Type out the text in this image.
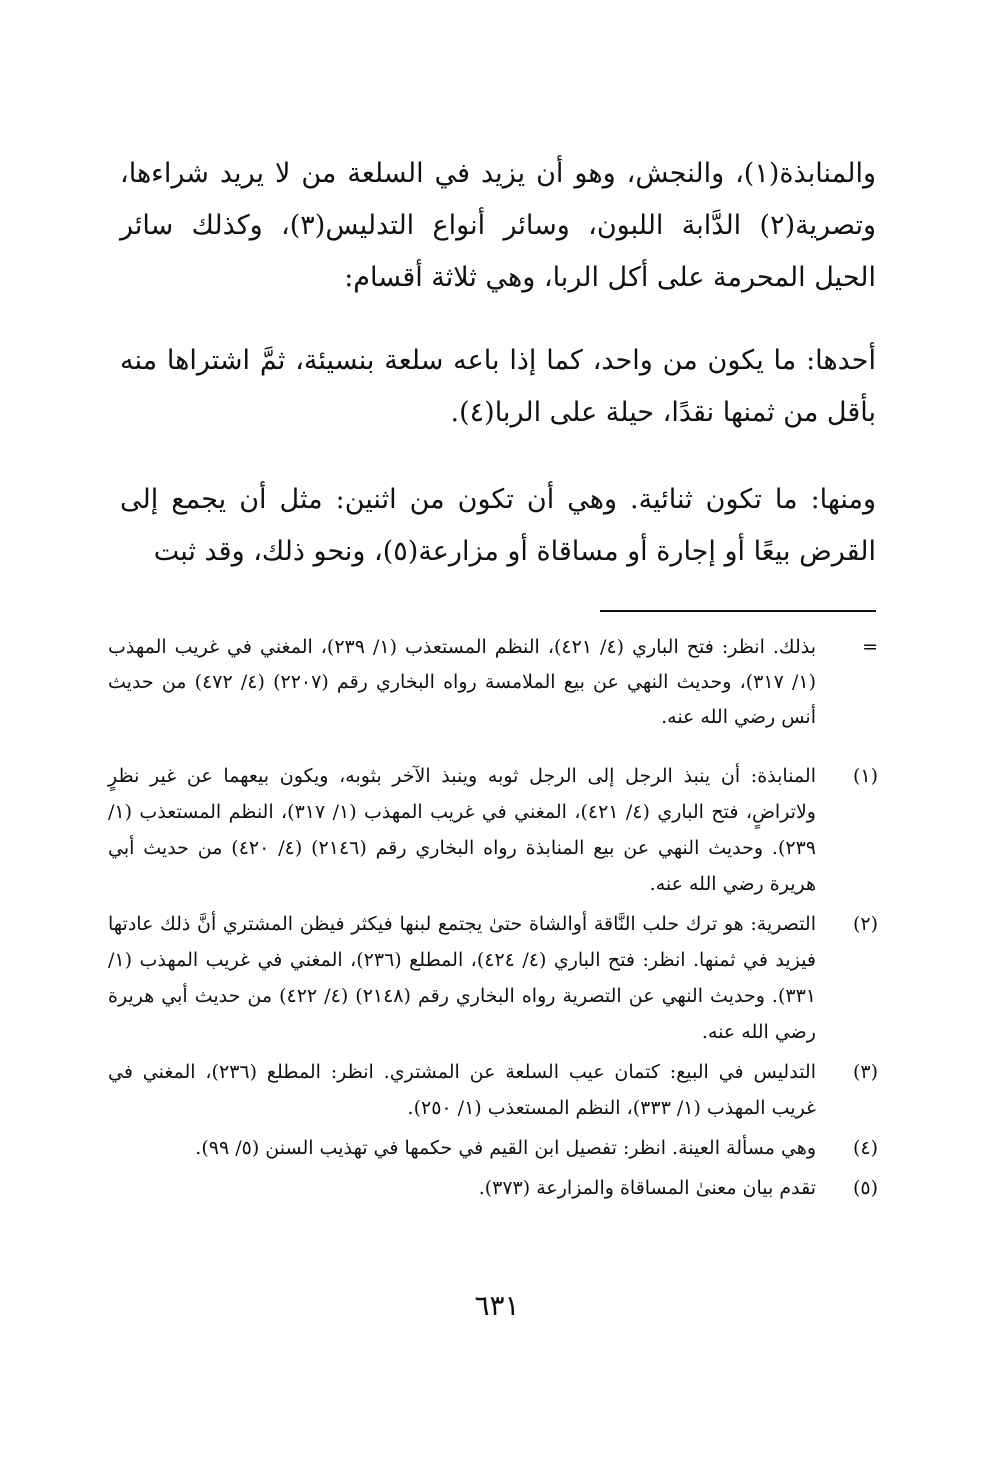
والمنابذة(١)، والنجش، وهو أن يزيد في السلعة من لا يريد شراءها، وتصرية(٢) الدَّابة اللبون، وسائر أنواع التدليس(٣)، وكذلك سائر الحيل المحرمة على أكل الربا، وهي ثلاثة أقسام:

أحدها: ما يكون من واحد، كما إذا باعه سلعة بنسيئة، ثمَّ اشتراها منه بأقل من ثمنها نقدًا، حيلة على الربا(٤).

ومنها: ما تكون ثنائية. وهي أن تكون من اثنين: مثل أن يجمع إلى القرض بيعًا أو إجارة أو مساقاة أو مزارعة(٥)، ونحو ذلك، وقد ثبت

=
بذلك. انظر: فتح الباري (٤/ ٤٢١)، النظم المستعذب (١/ ٢٣٩)، المغني في غريب المهذب (١/ ٣١٧)، وحديث النهي عن بيع الملامسة رواه البخاري رقم (٢٢٠٧) (٤/ ٤٧٢) من حديث أنس رضي الله عنه.

(١)
المنابذة: أن ينبذ الرجل إلى الرجل ثوبه وينبذ الآخر بثوبه، ويكون بيعهما عن غير نظرٍ ولاتراضٍ، فتح الباري (٤/ ٤٢١)، المغني في غريب المهذب (١/ ٣١٧)، النظم المستعذب (١/ ٢٣٩). وحديث النهي عن بيع المنابذة رواه البخاري رقم (٢١٤٦) (٤/ ٤٢٠) من حديث أبي هريرة رضي الله عنه.

(٢)
التصرية: هو ترك حلب النَّاقة أوالشاة حتىٰ يجتمع لبنها فيكثر فيظن المشتري أنَّ ذلك عادتها فيزيد في ثمنها. انظر: فتح الباري (٤/ ٤٢٤)، المطلع (٢٣٦)، المغني في غريب المهذب (١/ ٣٣١). وحديث النهي عن التصرية رواه البخاري رقم (٢١٤٨) (٤/ ٤٢٢) من حديث أبي هريرة رضي الله عنه.

(٣)
التدليس في البيع: كتمان عيب السلعة عن المشتري. انظر: المطلع (٢٣٦)، المغني في غريب المهذب (١/ ٣٣٣)، النظم المستعذب (١/ ٢٥٠).

(٤)
وهي مسألة العينة. انظر: تفصيل ابن القيم في حكمها في تهذيب السنن (٥/ ٩٩).

(٥)
تقدم بيان معنىٰ المساقاة والمزارعة (٣٧٣).

٦٣١
